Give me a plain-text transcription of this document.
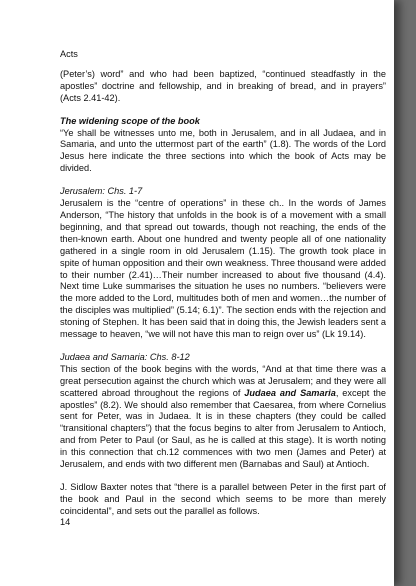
Acts

(Peter’s) word” and who had been baptized, “continued steadfastly in the apostles” doctrine and fellowship, and in breaking of bread, and in prayers” (Acts 2.41-42).

The widening scope of the book

“Ye shall be witnesses unto me, both in Jerusalem, and in all Judaea, and in Samaria, and unto the uttermost part of the earth” (1.8). The words of the Lord Jesus here indicate the three sections into which the book of Acts may be divided.

Jerusalem: Chs. 1-7

Jerusalem is the “centre of operations” in these ch.. In the words of James Anderson, “The history that unfolds in the book is of a movement with a small beginning, and that spread out towards, though not reaching, the ends of the then-known earth. About one hundred and twenty people all of one nationality gathered in a single room in old Jerusalem (1.15). The growth took place in spite of human opposition and their own weakness. Three thousand were added to their number (2.41)…Their number increased to about five thousand (4.4). Next time Luke summarises the situation he uses no numbers. “believers were the more added to the Lord, multitudes both of men and women…the number of the disciples was multiplied” (5.14; 6.1)”. The section ends with the rejection and stoning of Stephen. It has been said that in doing this, the Jewish leaders sent a message to heaven, “we will not have this man to reign over us” (Lk 19.14).

Judaea and Samaria: Chs. 8-12

This section of the book begins with the words, “And at that time there was a great persecution against the church which was at Jerusalem; and they were all scattered abroad throughout the regions of Judaea and Samaria, except the apostles” (8.2). We should also remember that Caesarea, from where Cornelius sent for Peter, was in Judaea. It is in these chapters (they could be called “transitional chapters”) that the focus begins to alter from Jerusalem to Antioch, and from Peter to Paul (or Saul, as he is called at this stage). It is worth noting in this connection that ch.12 commences with two men (James and Peter) at Jerusalem, and ends with two different men (Barnabas and Saul) at Antioch.

J. Sidlow Baxter notes that “there is a parallel between Peter in the first part of the book and Paul in the second which seems to be more than merely coincidental”, and sets out the parallel as follows.

14
